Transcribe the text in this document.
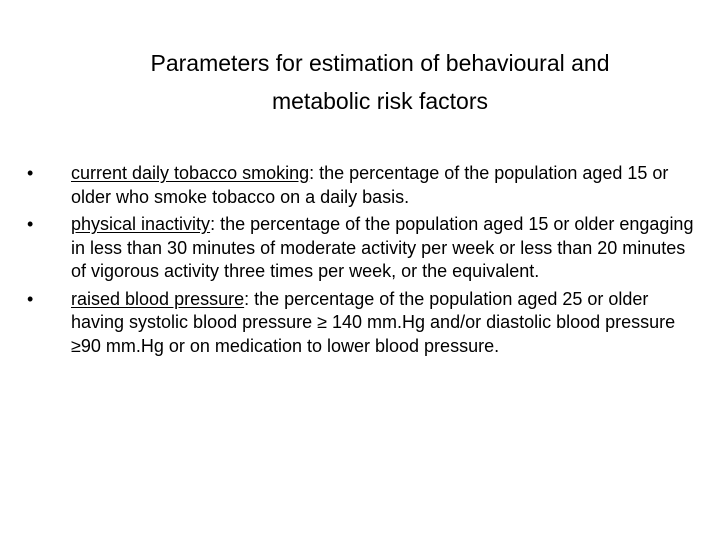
Parameters for estimation of behavioural and
metabolic risk factors
•	current daily tobacco smoking: the percentage of the population aged 15 or older who smoke tobacco on a daily basis.
•	physical inactivity: the percentage of the population aged 15 or older engaging in less than 30 minutes of moderate activity per week or less than 20 minutes of vigorous activity three times per week, or the equivalent.
•	raised blood pressure: the percentage of the population aged 25 or older having systolic blood pressure ≥ 140 mm.Hg and/or diastolic blood pressure ≥90 mm.Hg or on medication to lower blood pressure.
